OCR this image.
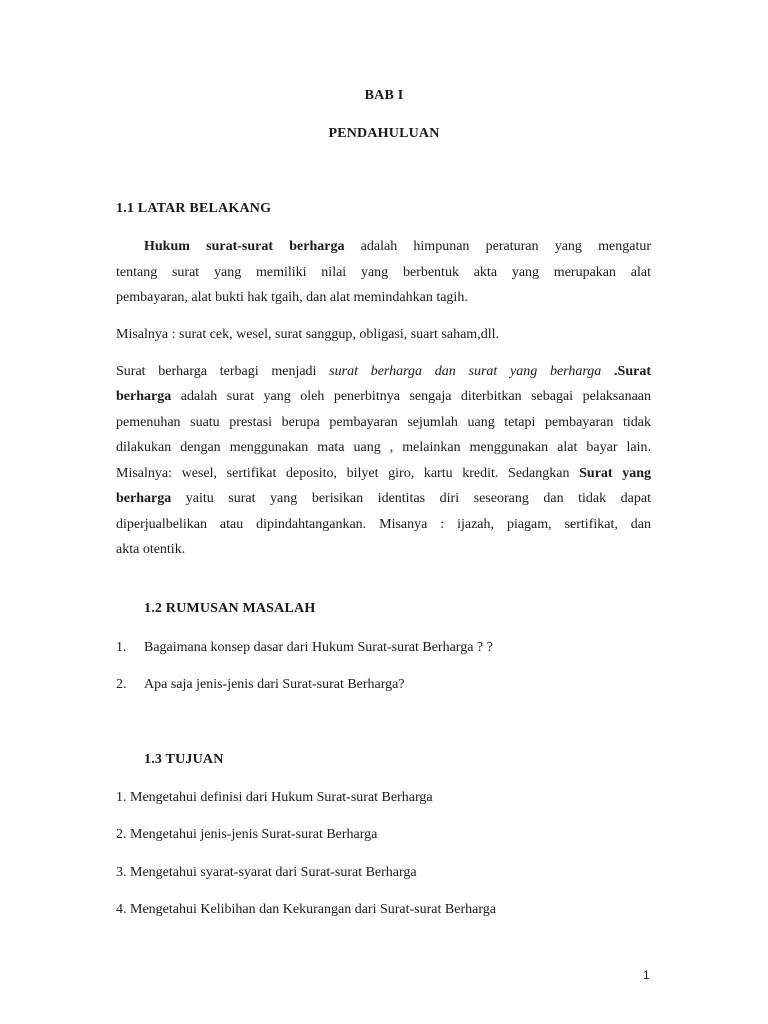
BAB I
PENDAHULUAN
1.1 LATAR BELAKANG
Hukum surat-surat berharga adalah himpunan peraturan yang mengatur
tentang surat yang memiliki nilai yang berbentuk akta yang merupakan alat
pembayaran, alat bukti hak tgaih, dan alat memindahkan tagih.
Misalnya : surat cek, wesel, surat sanggup, obligasi, suart saham,dll.
Surat berharga terbagi menjadi surat berharga dan surat yang berharga .Surat
berharga adalah surat yang oleh penerbitnya sengaja diterbitkan sebagai pelaksanaan
pemenuhan suatu prestasi berupa pembayaran sejumlah uang tetapi pembayaran tidak
dilakukan dengan menggunakan mata uang , melainkan menggunakan alat bayar lain.
Misalnya: wesel, sertifikat deposito, bilyet giro, kartu kredit. Sedangkan Surat yang
berharga yaitu surat yang berisikan identitas diri seseorang dan tidak dapat
diperjualbelikan atau dipindahtangankan. Misanya : ijazah, piagam, sertifikat, dan
akta otentik.
1.2 RUMUSAN MASALAH
1. Bagaimana konsep dasar dari Hukum Surat-surat Berharga ? ?
2. Apa saja jenis-jenis dari Surat-surat Berharga?
1.3 TUJUAN
1. Mengetahui definisi dari Hukum Surat-surat Berharga
2. Mengetahui jenis-jenis Surat-surat Berharga
3. Mengetahui syarat-syarat dari Surat-surat Berharga
4. Mengetahui Kelibihan dan Kekurangan dari Surat-surat Berharga
1
